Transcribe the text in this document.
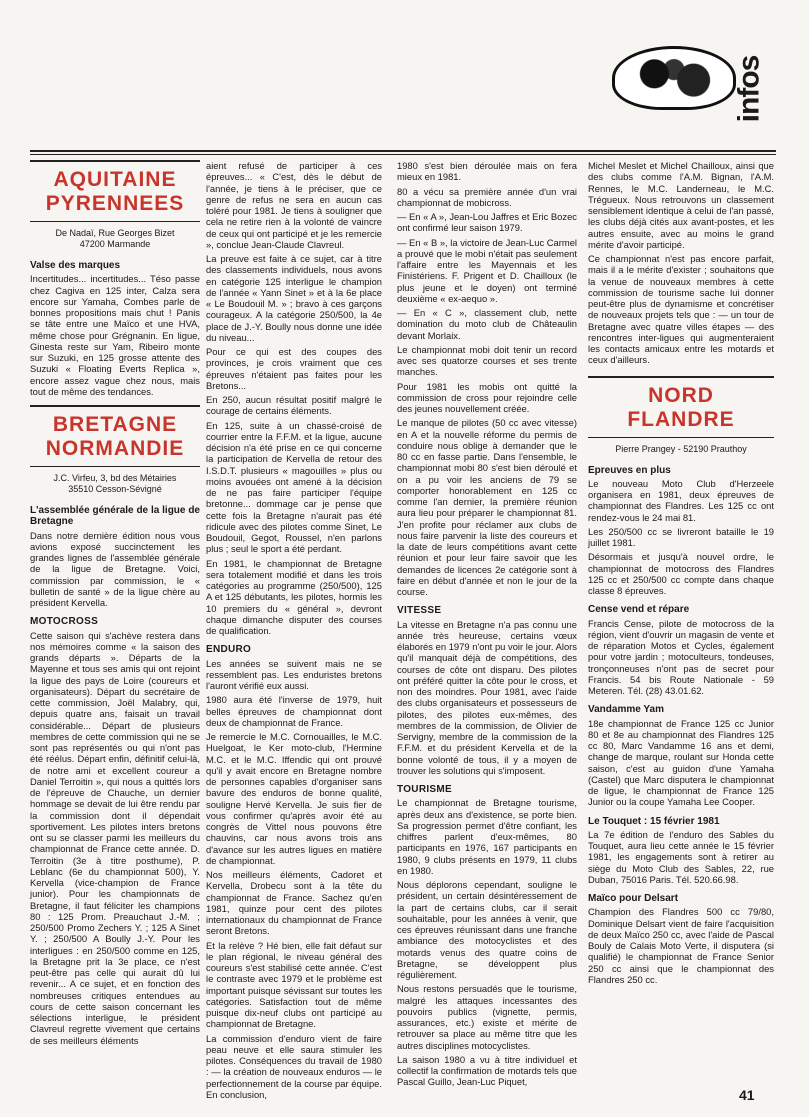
infos
AQUITAINE
PYRENNEES
De Nadaï, Rue Georges Bizet
47200 Marmande
Valse des marques

Incertitudes... incertitudes... Téso passe chez Cagiva en 125 inter, Calza sera encore sur Yamaha, Combes parle de bonnes propositions mais chut ! Panis se tâte entre une Maïco et une HVA, même chose pour Grégnanin. En ligue, Ginesta reste sur Yam, Ribeiro monte sur Suzuki, en 125 grosse attente des Suzuki « Floating Everts Replica », encore assez vague chez nous, mais tout de même des tendances.

BRETAGNE
NORMANDIE
J.C. Virfeu, 3, bd des Métairies
35510 Cesson-Sévigné
L'assemblée générale de la ligue de Bretagne

Dans notre dernière édition nous vous avions exposé succinctement les grandes lignes de l'assemblée générale de la ligue de Bretagne. Voici, commission par commission, le « bulletin de santé » de la ligue chère au président Kervella.

MOTOCROSS

Cette saison qui s'achève restera dans nos mémoires comme « la saison des grands départs ». Départs de la Mayenne et tous ses amis qui ont rejoint la ligue des pays de Loire (coureurs et organisateurs). Départ du secrétaire de cette commission, Joël Malabry, qui, depuis quatre ans, faisait un travail considérable... Départ de plusieurs membres de cette commission qui ne se sont pas représentés ou qui n'ont pas été réélus. Départ enfin, définitif celui-là, de notre ami et excellent coureur a Daniel Terroitin », qui nous a quittés lors de l'épreuve de Chauche, un dernier hommage se devait de lui être rendu par la commission dont il dépendait sportivement. Les pilotes inters bretons ont su se classer parmi les meilleurs du championnat de France cette année. D. Terroitin (3e à titre posthume), P. Leblanc (6e du championnat 500), Y. Kervella (vice-champion de France junior). Pour les championnats de Bretagne, il faut féliciter les champions 80 : 125 Prom. Preauchaut J.-M. ; 250/500 Promo Zechers Y. ; 125 A Sinet Y. ; 250/500 A Boully J.-Y. Pour les interligues : en 250/500 comme en 125, la Bretagne prit la 3e place, ce n'est peut-être pas celle qui aurait dû lui revenir... A ce sujet, et en fonction des nombreuses critiques entendues au cours de cette saison concernant les sélections interligue, le président Clavreul regrette vivement que certains de ses meilleurs éléments

aient refusé de participer à ces épreuves... « C'est, dès le début de l'année, je tiens à le préciser, que ce genre de refus ne sera en aucun cas toléré pour 1981. Je tiens à souligner que cela ne retire rien à la volonté de vaincre de ceux qui ont participé et je les remercie », conclue Jean-Claude Clavreul.

La preuve est faite à ce sujet, car à titre des classements individuels, nous avons en catégorie 125 interligue le champion de l'année « Yann Sinet » et à la 6e place « Le Boudouil M. » ; bravo à ces garçons courageux. A la catégorie 250/500, la 4e place de J.-Y. Boully nous donne une idée du niveau...

Pour ce qui est des coupes des provinces, je crois vraiment que ces épreuves n'étaient pas faites pour les Bretons...

En 250, aucun résultat positif malgré le courage de certains éléments.

En 125, suite à un chassé-croisé de courrier entre la F.F.M. et la ligue, aucune décision n'a été prise en ce qui concerne la participation de Kervella de retour des I.S.D.T. plusieurs « magouilles » plus ou moins avouées ont amené à la décision de ne pas faire participer l'équipe bretonne... dommage car je pense que cette fois la Bretagne n'aurait pas été ridicule avec des pilotes comme Sinet, Le Boudouil, Gegot, Roussel, n'en parlons plus ; seul le sport a été perdant.

En 1981, le championnat de Bretagne sera totalement modifié et dans les trois catégories au programme (250/500), 125 A et 125 débutants, les pilotes, hormis les 10 premiers du « général », devront chaque dimanche disputer des courses de qualification.

ENDURO

Les années se suivent mais ne se ressemblent pas. Les enduristes bretons l'auront vérifié eux aussi.

1980 aura été l'inverse de 1979, huit belles épreuves de championnat dont deux de championnat de France.

Je remercie le M.C. Cornouailles, le M.C. Huelgoat, le Ker moto-club, l'Hermine M.C. et le M.C. Iffendic qui ont prouvé qu'il y avait encore en Bretagne nombre de personnes capables d'organiser sans bavure des enduros de bonne qualité, souligne Hervé Kervella. Je suis fier de vous confirmer qu'après avoir été au congrès de Vittel nous pouvons être chauvins, car nous avons trois ans d'avance sur les autres ligues en matière de championnat.

Nos meilleurs éléments, Cadoret et Kervella, Drobecu sont à la tête du championnat de France. Sachez qu'en 1981, quinze pour cent des pilotes internationaux du championnat de France seront Bretons.

Et la relève ? Hé bien, elle fait défaut sur le plan régional, le niveau général des coureurs s'est stabilisé cette année. C'est le contraste avec 1979 et le problème est important puisque sévissant sur toutes les catégories. Satisfaction tout de même puisque dix-neuf clubs ont participé au championnat de Bretagne.

La commission d'enduro vient de faire peau neuve et elle saura stimuler les pilotes. Conséquences du travail de 1980 : — la création de nouveaux enduros — le perfectionnement de la course par équipe. En conclusion,

1980 s'est bien déroulée mais on fera mieux en 1981.

80 a vécu sa première année d'un vrai championnat de mobicross.

— En « A », Jean-Lou Jaffres et Eric Bozec ont confirmé leur saison 1979.

— En « B », la victoire de Jean-Luc Carmel a prouvé que le mobi n'était pas seulement l'affaire entre les Mayennais et les Finistériens. F. Prigent et D. Chailloux (le plus jeune et le doyen) ont terminé deuxième « ex-aequo ».

— En « C », classement club, nette domination du moto club de Châteaulin devant Morlaix.

Le championnat mobi doit tenir un record avec ses quatorze courses et ses trente manches.

Pour 1981 les mobis ont quitté la commission de cross pour rejoindre celle des jeunes nouvellement créée.

Le manque de pilotes (50 cc avec vitesse) en A et la nouvelle réforme du permis de conduire nous oblige à demander que le 80 cc en fasse partie. Dans l'ensemble, le championnat mobi 80 s'est bien déroulé et on a pu voir les anciens de 79 se comporter honorablement en 125 cc comme l'an dernier, la première réunion aura lieu pour préparer le championnat 81. J'en profite pour réclamer aux clubs de nous faire parvenir la liste des coureurs et la date de leurs compétitions avant cette réunion et pour leur faire savoir que les demandes de licences 2e catégorie sont à faire en début d'année et non le jour de la course.

VITESSE

La vitesse en Bretagne n'a pas connu une année très heureuse, certains vœux élaborés en 1979 n'ont pu voir le jour. Alors qu'il manquait déjà de compétitions, des courses de côte ont disparu. Des pilotes ont préféré quitter la côte pour le cross, et non des moindres. Pour 1981, avec l'aide des clubs organisateurs et possesseurs de pilotes, des pilotes eux-mêmes, des membres de la commission, de Olivier de Servigny, membre de la commission de la F.F.M. et du président Kervella et de la bonne volonté de tous, il y a moyen de trouver les solutions qui s'imposent.

TOURISME

Le championnat de Bretagne tourisme, après deux ans d'existence, se porte bien. Sa progression permet d'être confiant, les chiffres parlent d'eux-mêmes, 80 participants en 1976, 167 participants en 1980, 9 clubs présents en 1979, 11 clubs en 1980.

Nous déplorons cependant, souligne le président, un certain désintéressement de la part de certains clubs, car il serait souhaitable, pour les années à venir, que ces épreuves réunissant dans une franche ambiance des motocyclistes et des motards venus des quatre coins de Bretagne, se développent plus régulièrement.

Nous restons persuadés que le tourisme, malgré les attaques incessantes des pouvoirs publics (vignette, permis, assurances, etc.) existe et mérite de retrouver sa place au même titre que les autres disciplines motocyclistes.

La saison 1980 a vu à titre individuel et collectif la confirmation de motards tels que Pascal Guillo, Jean-Luc Piquet,

Michel Meslet et Michel Chailloux, ainsi que des clubs comme l'A.M. Bignan, l'A.M. Rennes, le M.C. Landerneau, le M.C. Trégueux. Nous retrouvons un classement sensiblement identique à celui de l'an passé, les clubs déjà cités aux avant-postes, et les autres ensuite, avec au moins le grand mérite d'avoir participé.

Ce championnat n'est pas encore parfait, mais il a le mérite d'exister ; souhaitons que la venue de nouveaux membres à cette commission de tourisme sache lui donner peut-être plus de dynamisme et concrétiser de nouveaux projets tels que : — un tour de Bretagne avec quatre villes étapes — des rencontres inter-ligues qui augmenteraient les contacts amicaux entre les motards et ceux d'ailleurs.

NORD
FLANDRE
Pierre Prangey - 52190 Prauthoy
Epreuves en plus

Le nouveau Moto Club d'Herzeele organisera en 1981, deux épreuves de championnat des Flandres. Les 125 cc ont rendez-vous le 24 mai 81.

Les 250/500 cc se livreront bataille le 19 juillet 1981.

Désormais et jusqu'à nouvel ordre, le championnat de motocross des Flandres 125 cc et 250/500 cc compte dans chaque classe 8 épreuves.

Cense vend et répare

Francis Cense, pilote de motocross de la région, vient d'ouvrir un magasin de vente et de réparation Motos et Cycles, également pour votre jardin ; motoculteurs, tondeuses, tronçonneuses n'ont pas de secret pour Francis. 54 bis Route Nationale - 59 Meteren. Tél. (28) 43.01.62.

Vandamme Yam

18e championnat de France 125 cc Junior 80 et 8e au championnat des Flandres 125 cc 80, Marc Vandamme 16 ans et demi, change de marque, roulant sur Honda cette saison, c'est au guidon d'une Yamaha (Castel) que Marc disputera le championnat de ligue, le championnat de France 125 Junior ou la coupe Yamaha Lee Cooper.

Le Touquet : 15 février 1981

La 7e édition de l'enduro des Sables du Touquet, aura lieu cette année le 15 février 1981, les engagements sont à retirer au siège du Moto Club des Sables, 22, rue Duban, 75016 Paris. Tél. 520.66.98.

Maïco pour Delsart

Champion des Flandres 500 cc 79/80, Dominique Delsart vient de faire l'acquisition de deux Maïco 250 cc, avec l'aide de Pascal Bouly de Calais Moto Verte, il disputera (si qualifié) le championnat de France Senior 250 cc ainsi que le championnat des Flandres 250 cc.

41
